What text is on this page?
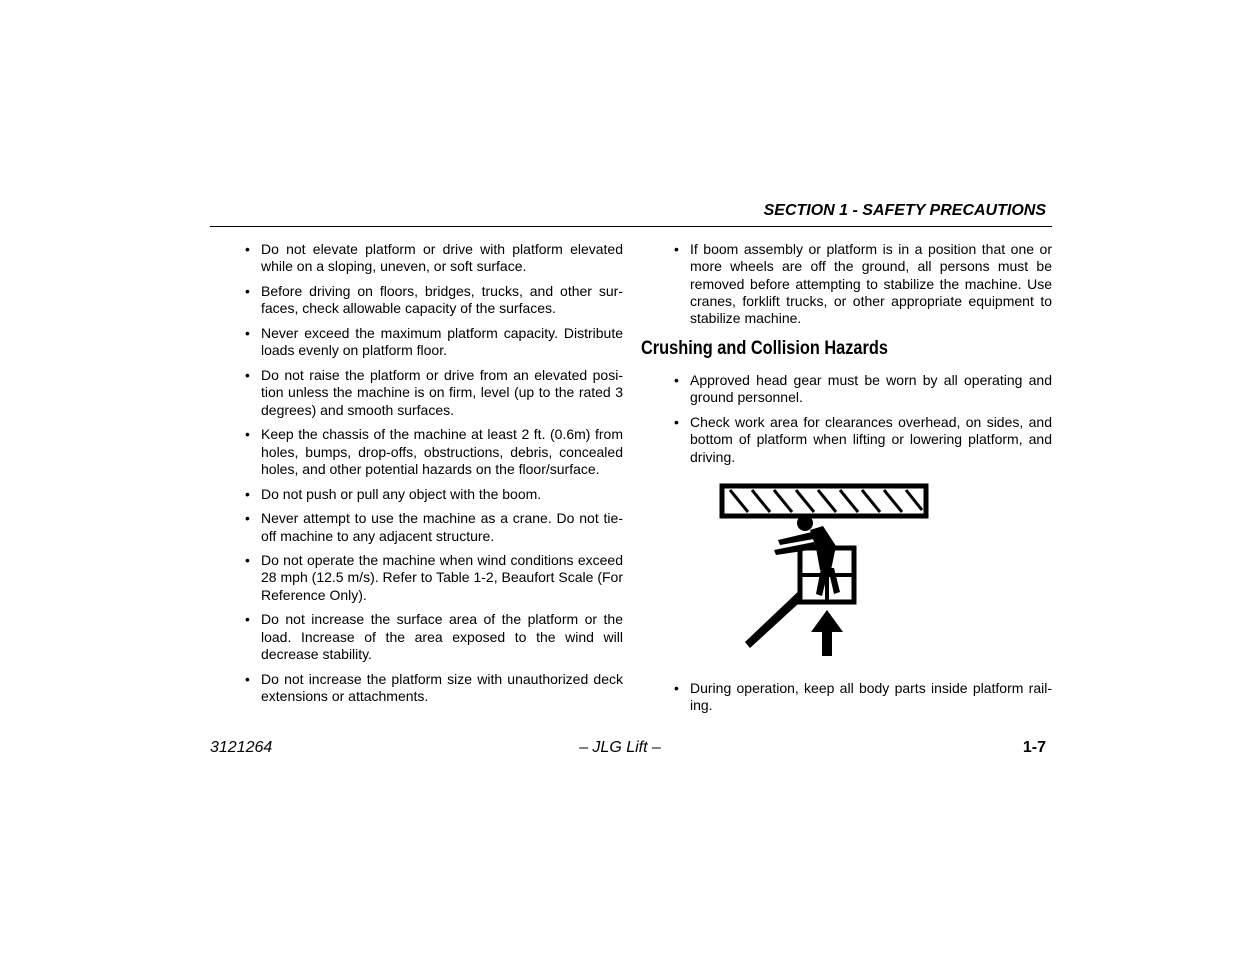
SECTION 1 - SAFETY PRECAUTIONS
• Do not elevate platform or drive with platform elevated while on a sloping, uneven, or soft surface.
• Before driving on floors, bridges, trucks, and other sur-faces, check allowable capacity of the surfaces.
• Never exceed the maximum platform capacity. Distribute loads evenly on platform floor.
• Do not raise the platform or drive from an elevated posi-tion unless the machine is on firm, level (up to the rated 3 degrees) and smooth surfaces.
• Keep the chassis of the machine at least 2 ft. (0.6m) from holes, bumps, drop-offs, obstructions, debris, concealed holes, and other potential hazards on the floor/surface.
• Do not push or pull any object with the boom.
• Never attempt to use the machine as a crane. Do not tie-off machine to any adjacent structure.
• Do not operate the machine when wind conditions exceed 28 mph (12.5 m/s). Refer to Table 1-2, Beaufort Scale (For Reference Only).
• Do not increase the surface area of the platform or the load. Increase of the area exposed to the wind will decrease stability.
• Do not increase the platform size with unauthorized deck extensions or attachments.
• If boom assembly or platform is in a position that one or more wheels are off the ground, all persons must be removed before attempting to stabilize the machine. Use cranes, forklift trucks, or other appropriate equipment to stabilize machine.
Crushing and Collision Hazards
• Approved head gear must be worn by all operating and ground personnel.
• Check work area for clearances overhead, on sides, and bottom of platform when lifting or lowering platform, and driving.
• During operation, keep all body parts inside platform rail-ing.
3121264	– JLG Lift –	1-7
